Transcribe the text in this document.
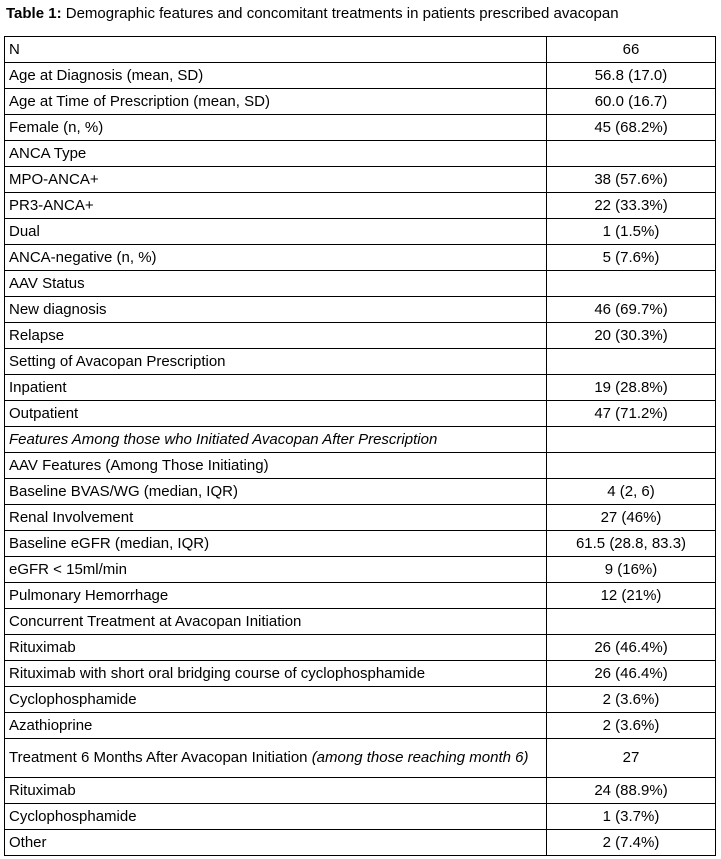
Table 1: Demographic features and concomitant treatments in patients prescribed avacopan
N	66
Age at Diagnosis (mean, SD)	56.8 (17.0)
Age at Time of Prescription (mean, SD)	60.0 (16.7)
Female (n, %)	45 (68.2%)
ANCA Type	
MPO-ANCA+	38 (57.6%)
PR3-ANCA+	22 (33.3%)
Dual	1 (1.5%)
ANCA-negative (n, %)	5 (7.6%)
AAV Status	
New diagnosis	46 (69.7%)
Relapse	20 (30.3%)
Setting of Avacopan Prescription	
Inpatient	19 (28.8%)
Outpatient	47 (71.2%)
Features Among those who Initiated Avacopan After Prescription	
AAV Features (Among Those Initiating)	
Baseline BVAS/WG (median, IQR)	4 (2, 6)
Renal Involvement	27 (46%)
Baseline eGFR (median, IQR)	61.5 (28.8, 83.3)
eGFR < 15ml/min	9 (16%)
Pulmonary Hemorrhage	12 (21%)
Concurrent Treatment at Avacopan Initiation	
Rituximab	26 (46.4%)
Rituximab with short oral bridging course of cyclophosphamide	26 (46.4%)
Cyclophosphamide	2 (3.6%)
Azathioprine	2 (3.6%)
Treatment 6 Months After Avacopan Initiation (among those reaching month 6)	27
Rituximab	24 (88.9%)
Cyclophosphamide	1 (3.7%)
Other	2 (7.4%)
